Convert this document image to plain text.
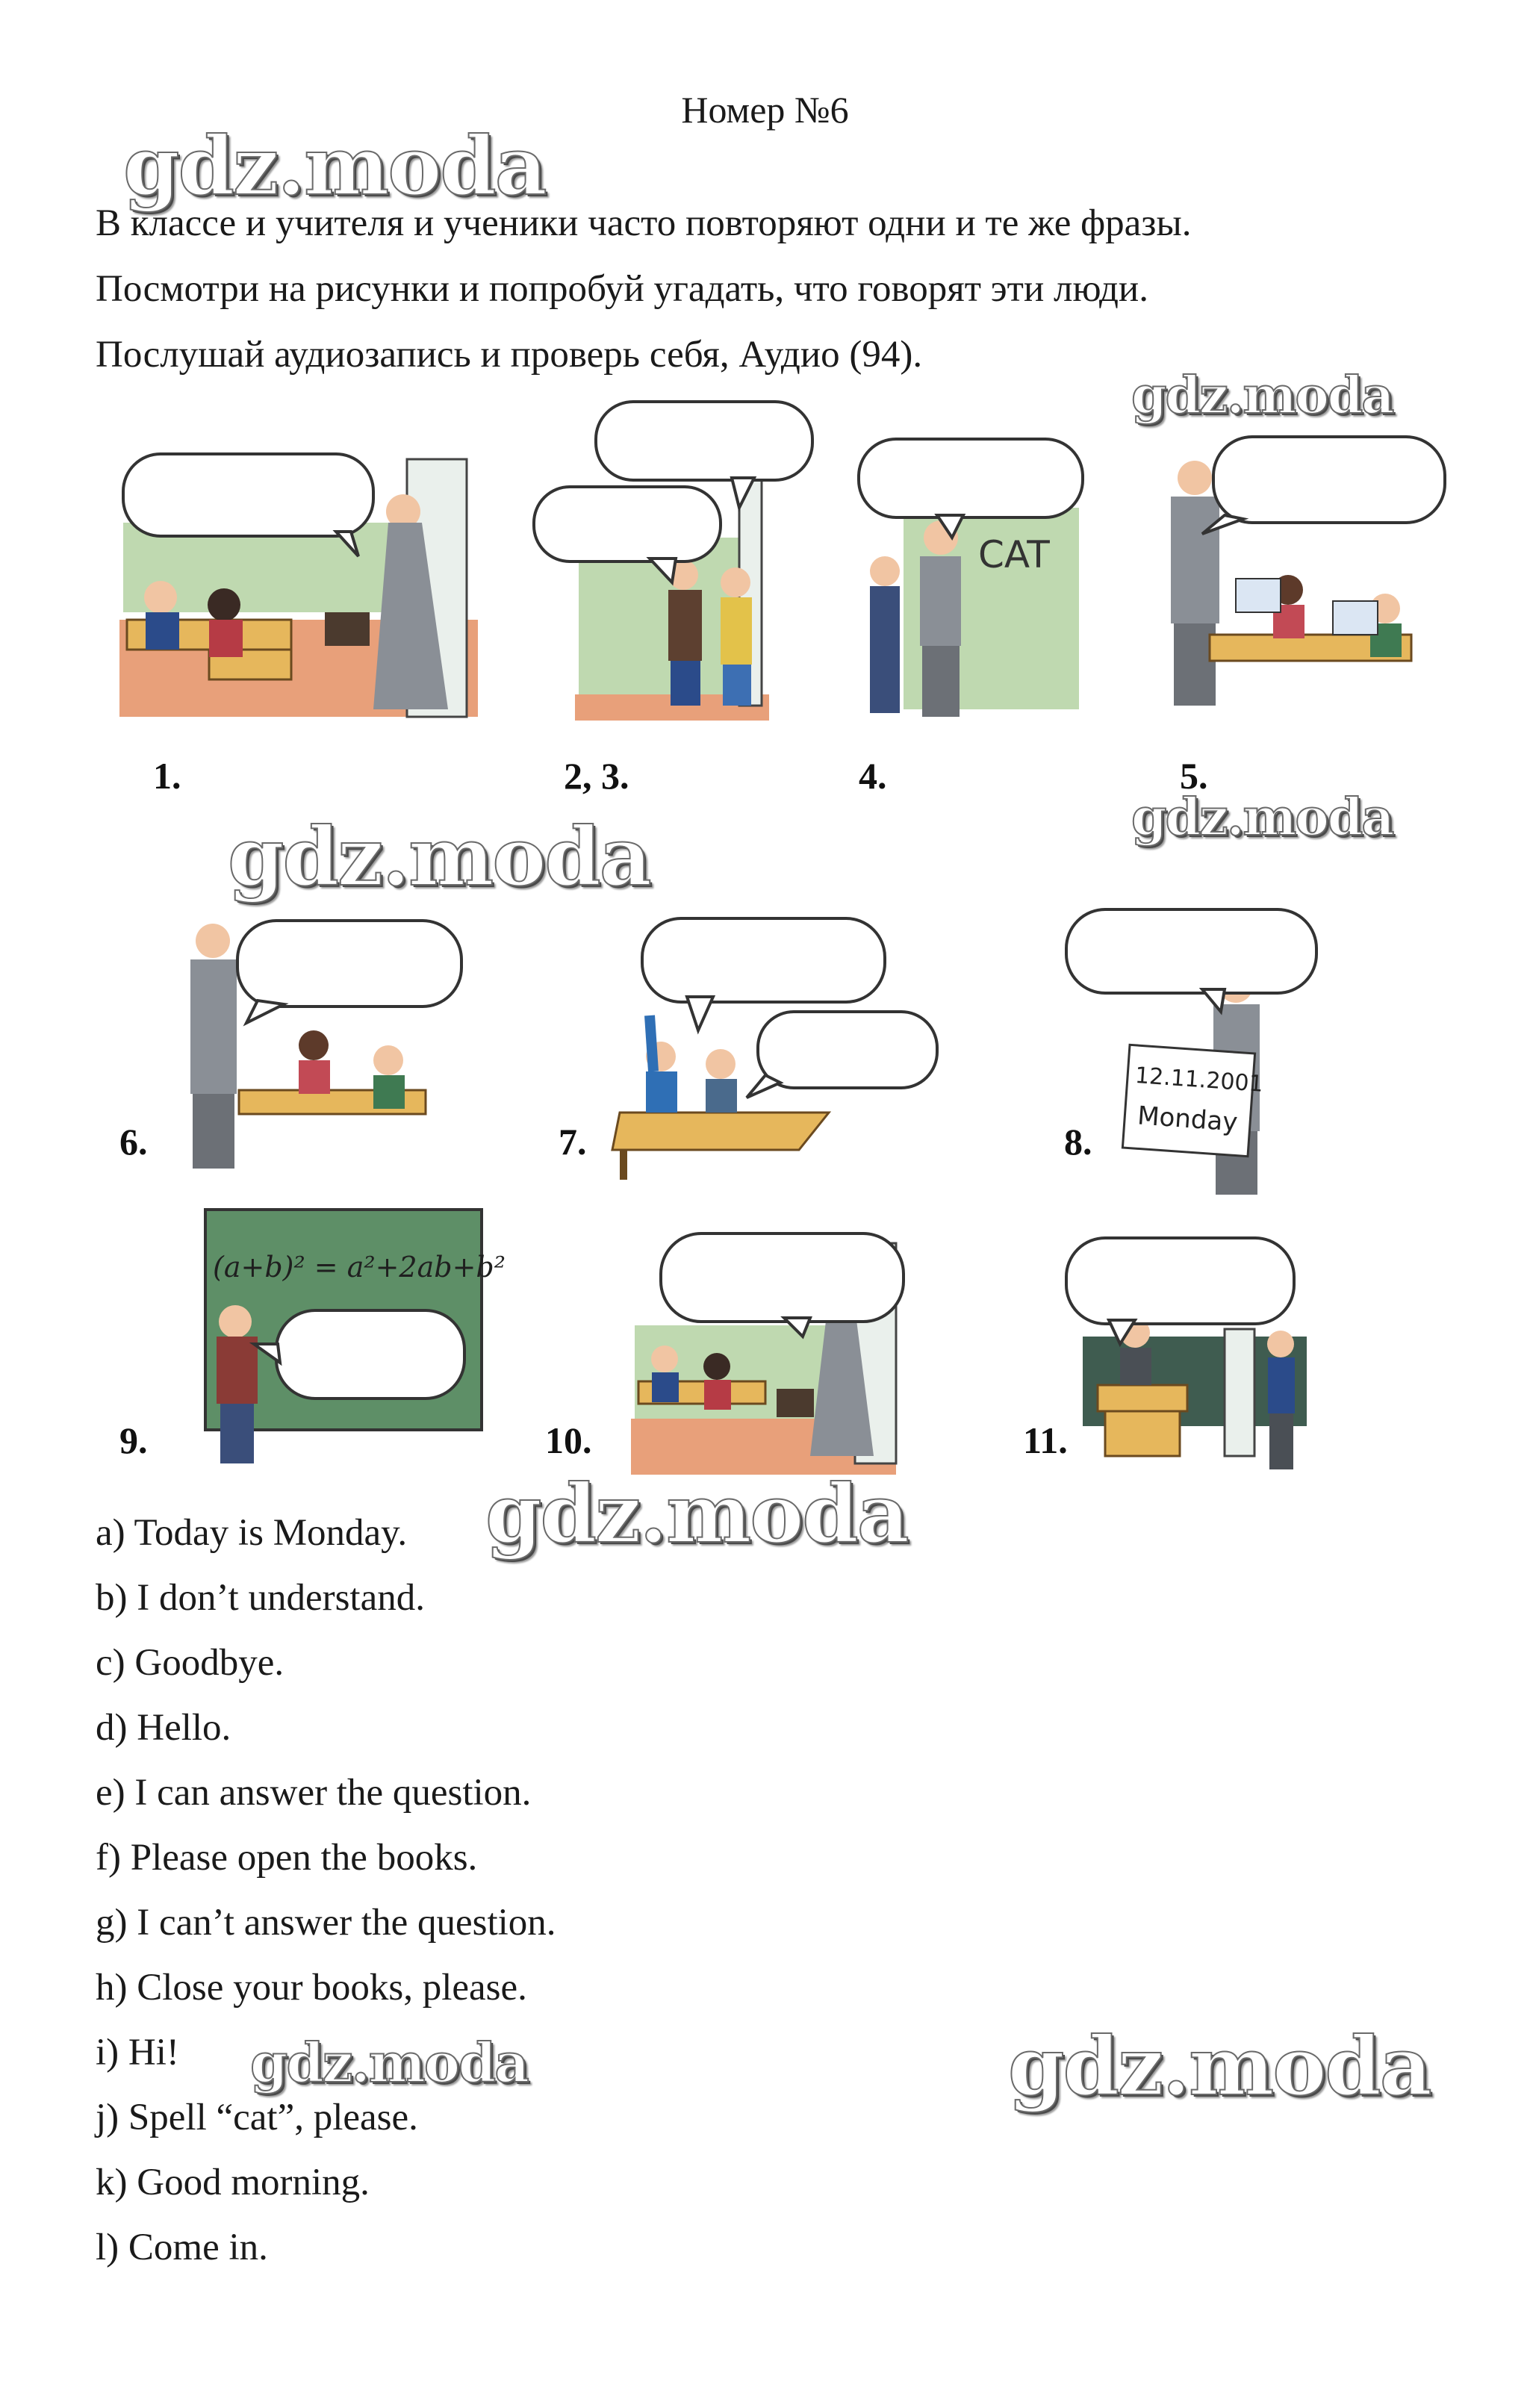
Номер №6
В классе и учителя и ученики часто повторяют одни и те же фразы.
Посмотри на рисунки и попробуй угадать, что говорят эти люди.
Послушай аудиозапись и проверь себя, Аудио (94).
CAT
12.11.2001
Monday
(a+b)² = a²+2ab+b²
1.	2, 3.	4.	5.
6.	7.	8.
9.	10.	11.
a) Today is Monday.
b) I don’t understand.
c) Goodbye.
d) Hello.
e) I can answer the question.
f) Please open the books.
g) I can’t answer the question.
h) Close your books, please.
i) Hi!
j) Spell “cat”, please.
k) Good morning.
l) Come in.
gdz.moda
gdz.moda
gdz.moda
gdz.moda
gdz.moda
gdz.moda	gdz.moda
